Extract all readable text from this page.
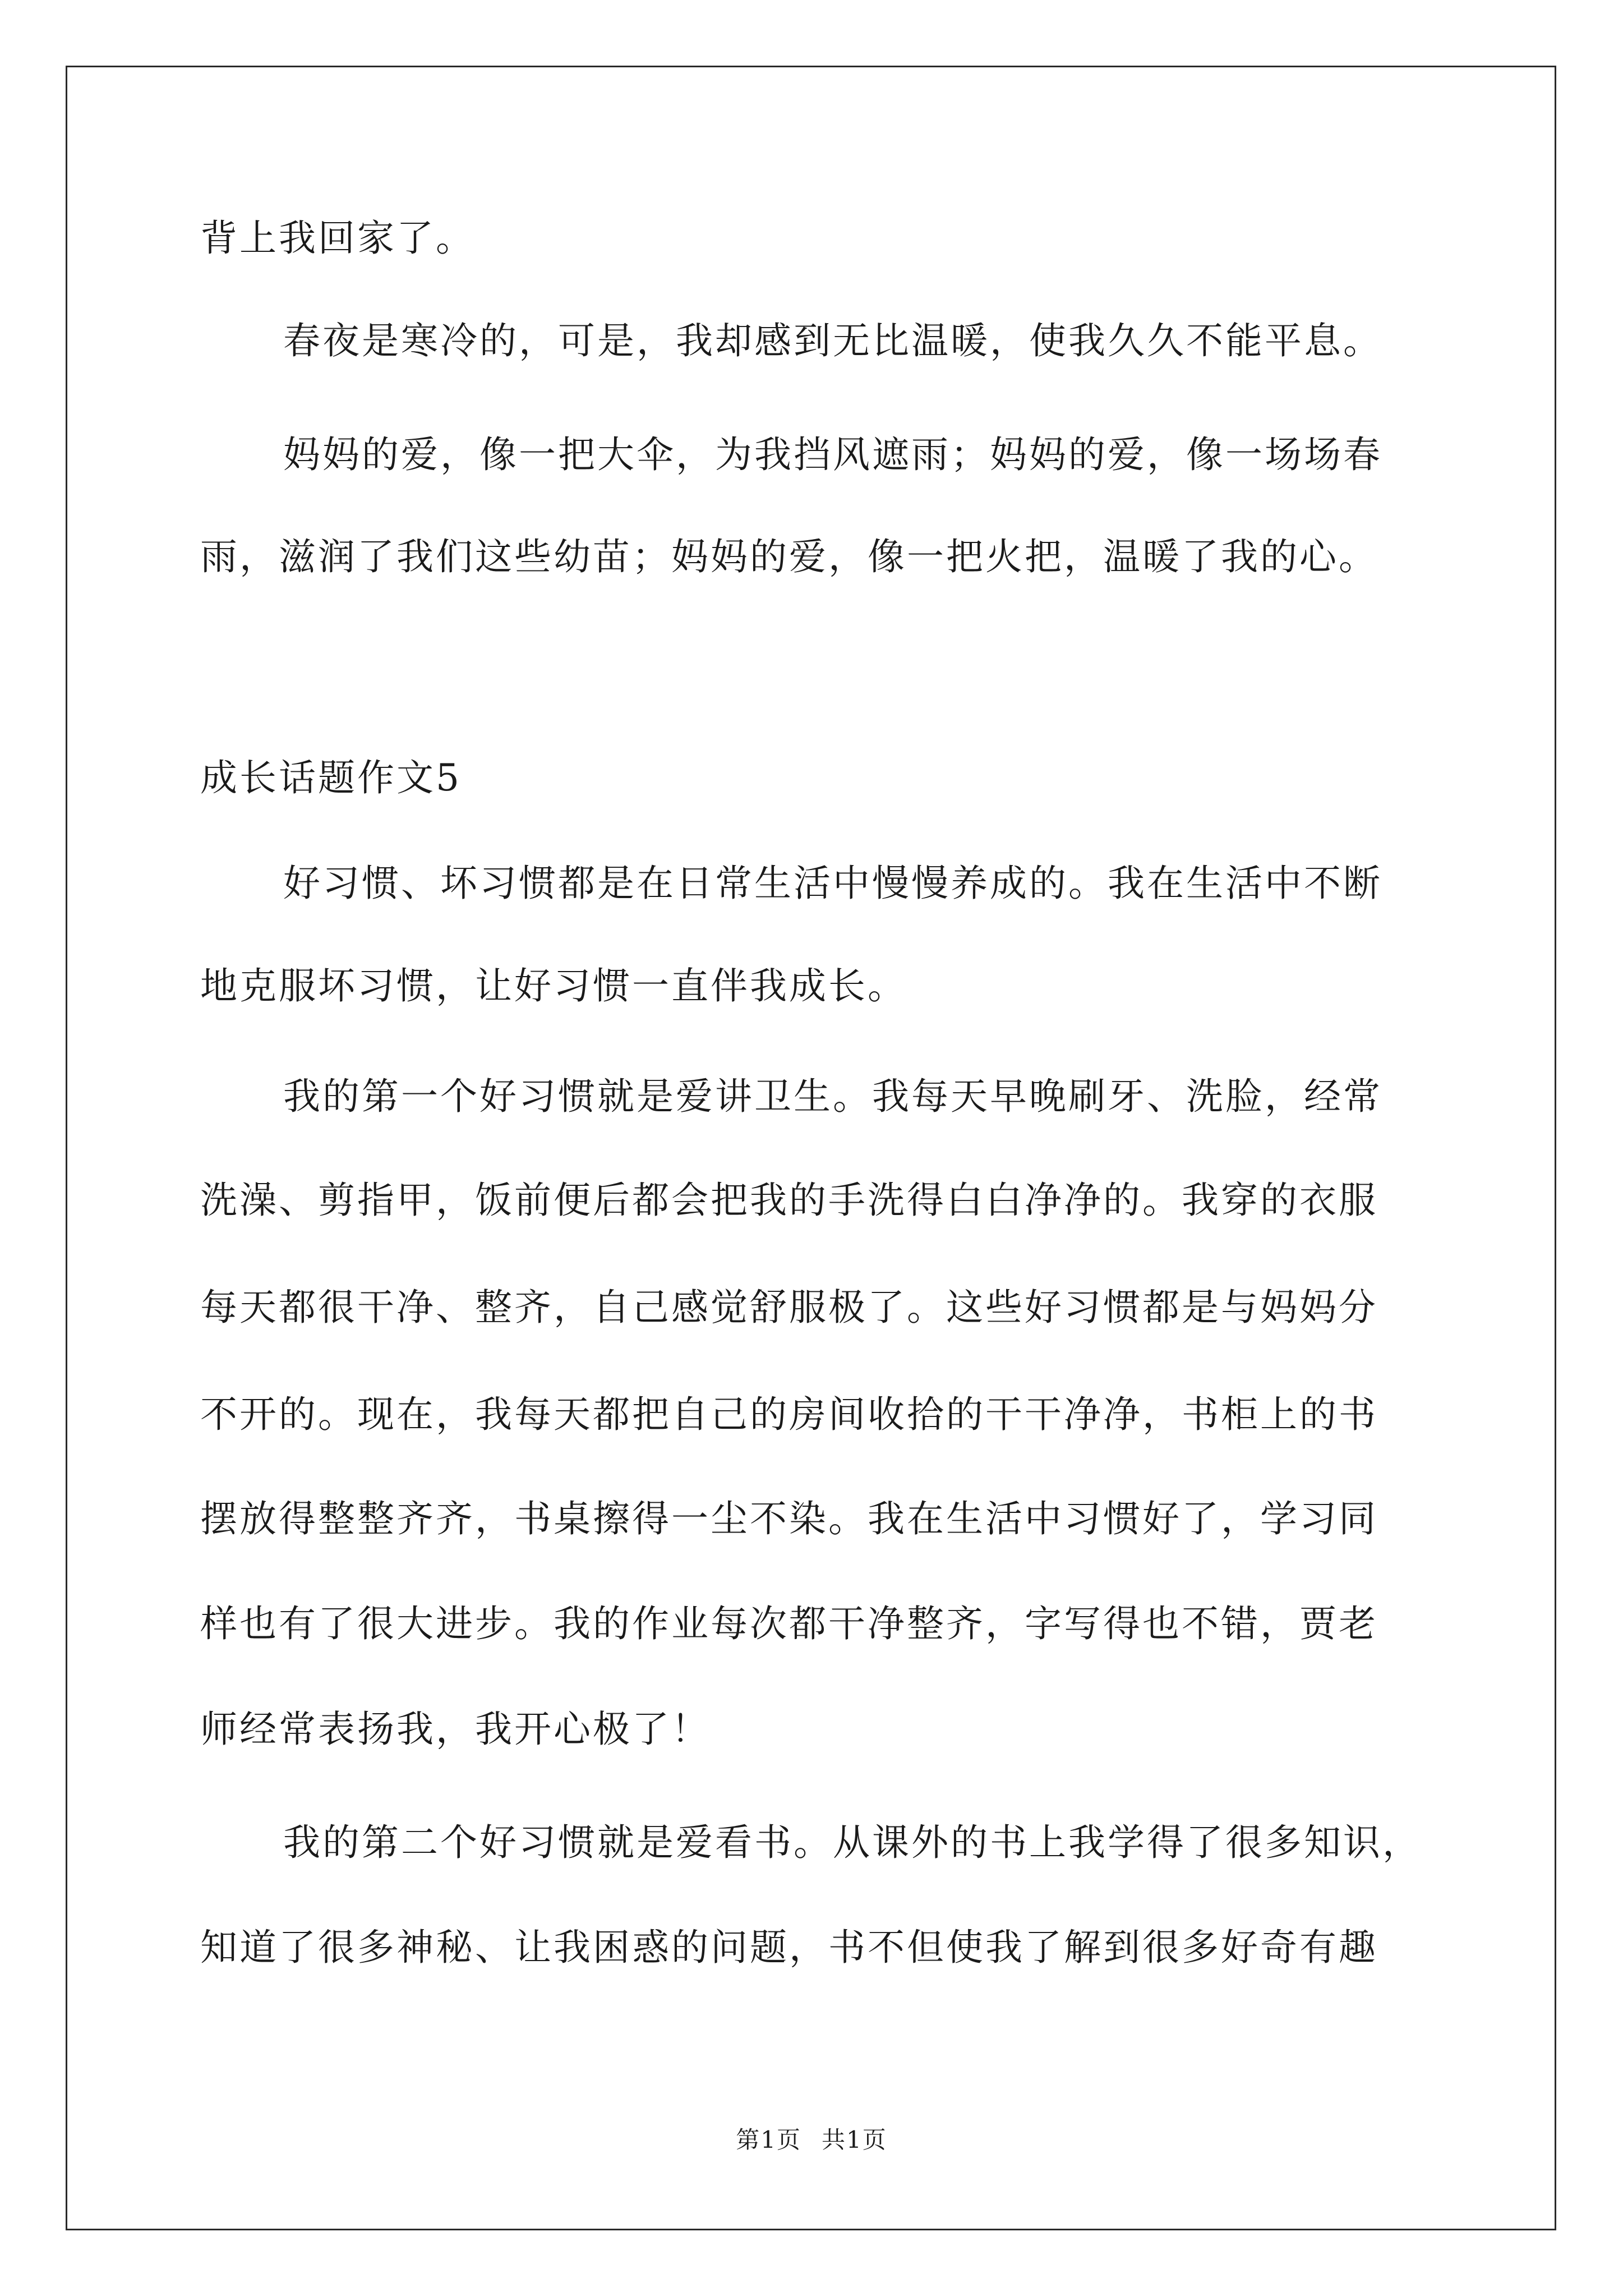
背上我回家了。
春夜是寒冷的，可是，我却感到无比温暖，使我久久不能平息。
妈妈的爱，像一把大伞，为我挡风遮雨；妈妈的爱，像一场场春
雨，滋润了我们这些幼苗；妈妈的爱，像一把火把，温暖了我的心。
成长话题作文5
好习惯、坏习惯都是在日常生活中慢慢养成的。我在生活中不断
地克服坏习惯，让好习惯一直伴我成长。
我的第一个好习惯就是爱讲卫生。我每天早晚刷牙、洗脸，经常
洗澡、剪指甲，饭前便后都会把我的手洗得白白净净的。我穿的衣服
每天都很干净、整齐，自己感觉舒服极了。这些好习惯都是与妈妈分
不开的。现在，我每天都把自己的房间收拾的干干净净，书柜上的书
摆放得整整齐齐，书桌擦得一尘不染。我在生活中习惯好了，学习同
样也有了很大进步。我的作业每次都干净整齐，字写得也不错，贾老
师经常表扬我，我开心极了！
我的第二个好习惯就是爱看书。从课外的书上我学得了很多知识，
知道了很多神秘、让我困惑的问题，书不但使我了解到很多好奇有趣
第1页 共1页
